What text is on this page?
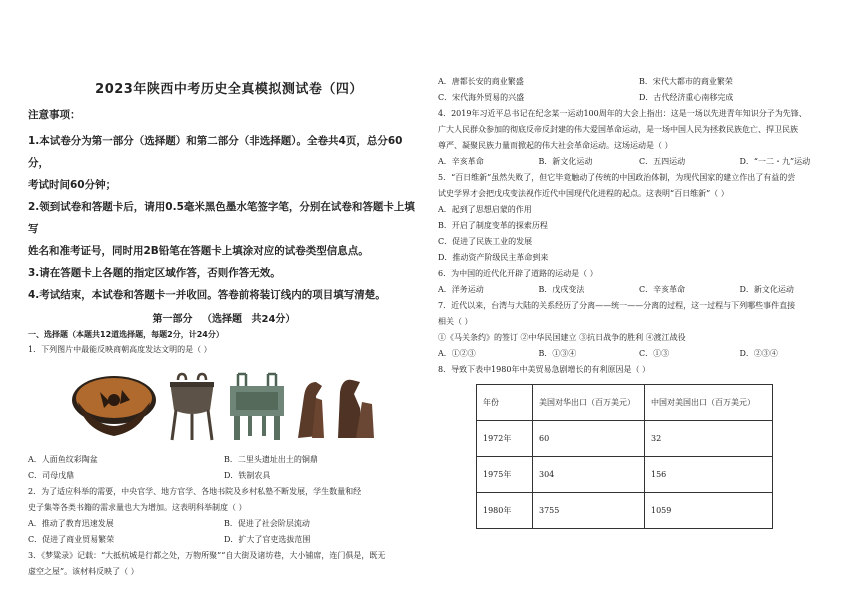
2023年陕西中考历史全真模拟测试卷（四）
注意事项：
1.本试卷分为第一部分（选择题）和第二部分（非选择题）。全卷共4页，总分60分，
考试时间60分钟；
2.领到试卷和答题卡后，请用0.5毫米黑色墨水笔签字笔，分别在试卷和答题卡上填写
姓名和准考证号，同时用2B铅笔在答题卡上填涂对应的试卷类型信息点。
3.请在答题卡上各题的指定区域作答，否则作答无效。
4.考试结束，本试卷和答题卡一并收回。答卷前将装订线内的项目填写清楚。
第一部分 （选择题 共24分）
一、选择题（本题共12道选择题，每题2分，计24分）
1．下列图片中最能反映商朝高度发达文明的是（ ）
A．人面鱼纹彩陶盆	B．二里头遗址出土的铜鼎
C．司母戊鼎	D．铁制农具
2．为了适应科举的需要，中央官学、地方官学、各地书院及乡村私塾不断发展，学生数量和经
史子集等各类书籍的需求量也大为增加。这表明科举制度（ ）
A．推动了教育迅速发展	B．促进了社会阶层流动
C．促进了商业贸易繁荣	D．扩大了官吏选拔范围
3．《梦粱录》记载：“大抵杭城是行都之处，万物所聚”“自大街及诸坊巷，大小铺席，连门俱是，既无
虚空之屋”。该材料反映了（ ）
A．唐都长安的商业繁盛	B．宋代大都市的商业繁荣
C．宋代海外贸易的兴盛	D．古代经济重心南移完成
4．2019年习近平总书记在纪念某一运动100周年的大会上指出：这是一场以先进青年知识分子为先锋、
广大人民群众参加的彻底反帝反封建的伟大爱国革命运动，是一场中国人民为拯救民族危亡、捍卫民族
尊严、凝聚民族力量而掀起的伟大社会革命运动。这场运动是（ ）
A．辛亥革命	B．新文化运动	C．五四运动	D．“一二・九”运动
5．“百日维新”虽然失败了，但它毕竟触动了传统的中国政治体制，为现代国家的建立作出了有益的尝
试史学界才会把戊戌变法视作近代中国现代化进程的起点。这表明“百日维新”（ ）
A．起到了思想启蒙的作用
B．开启了制度变革的探索历程
C．促进了民族工业的发展
D．推动资产阶级民主革命到来
6．为中国的近代化开辟了道路的运动是（ ）
A．洋务运动	B．戊戌变法	C．辛亥革命	D．新文化运动
7．近代以来，台湾与大陆的关系经历了分离——统一——分离的过程，这一过程与下列哪些事件直接
相关（ ）
①《马关条约》的签订 ②中华民国建立 ③抗日战争的胜利 ④渡江战役
A．①②③	B．①③④	C．①③	D．②③④
8．导致下表中1980年中美贸易急剧增长的有利原因是（ ）
年份	美国对华出口（百万美元）	中国对美国出口（百万美元）
1972年	60	32
1975年	304	156
1980年	3755	1059
